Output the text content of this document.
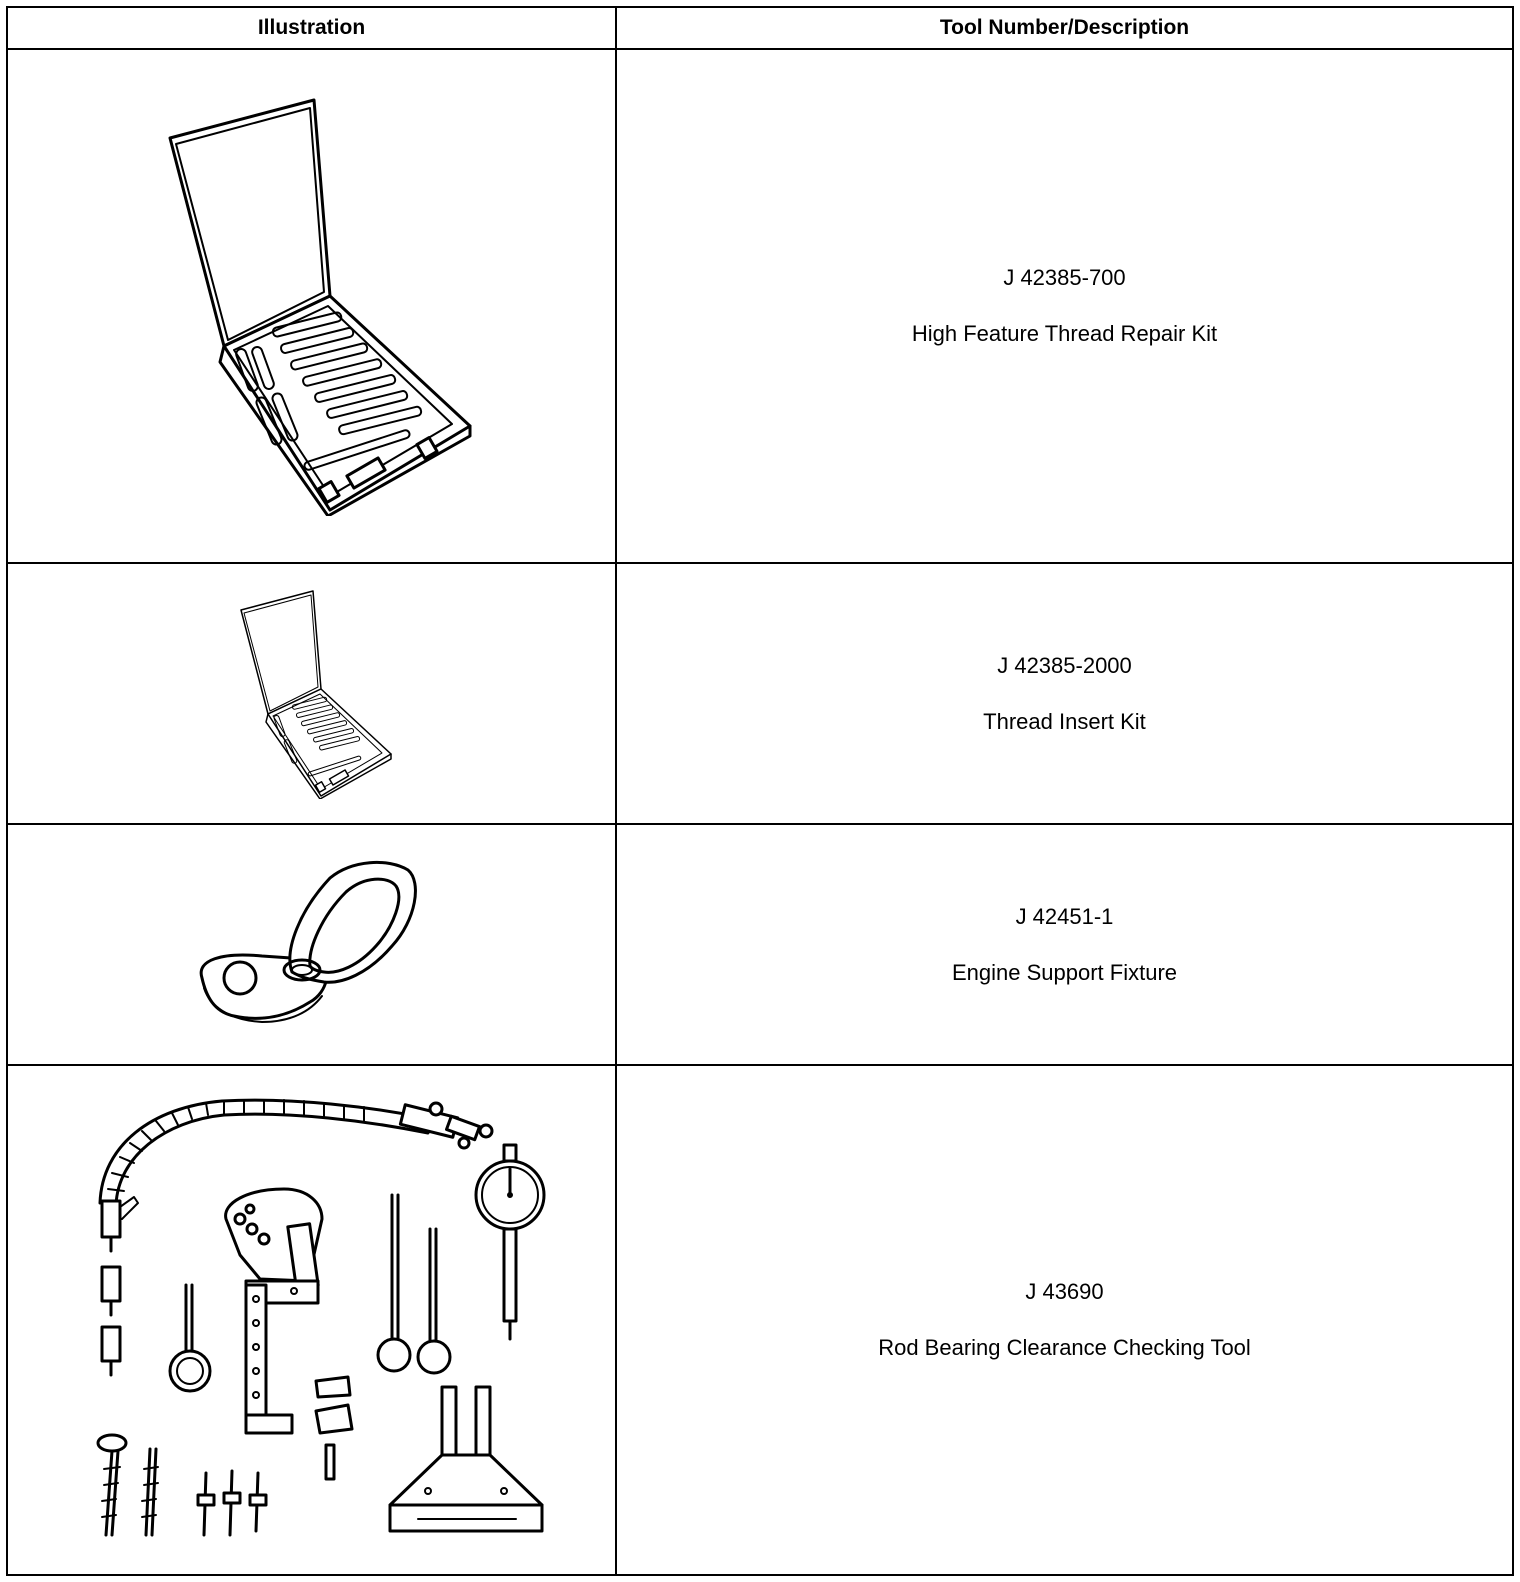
Illustration	Tool Number/Description

J 42385-700
High Feature Thread Repair Kit

J 42385-2000
Thread Insert Kit

J 42451-1
Engine Support Fixture

J 43690
Rod Bearing Clearance Checking Tool
